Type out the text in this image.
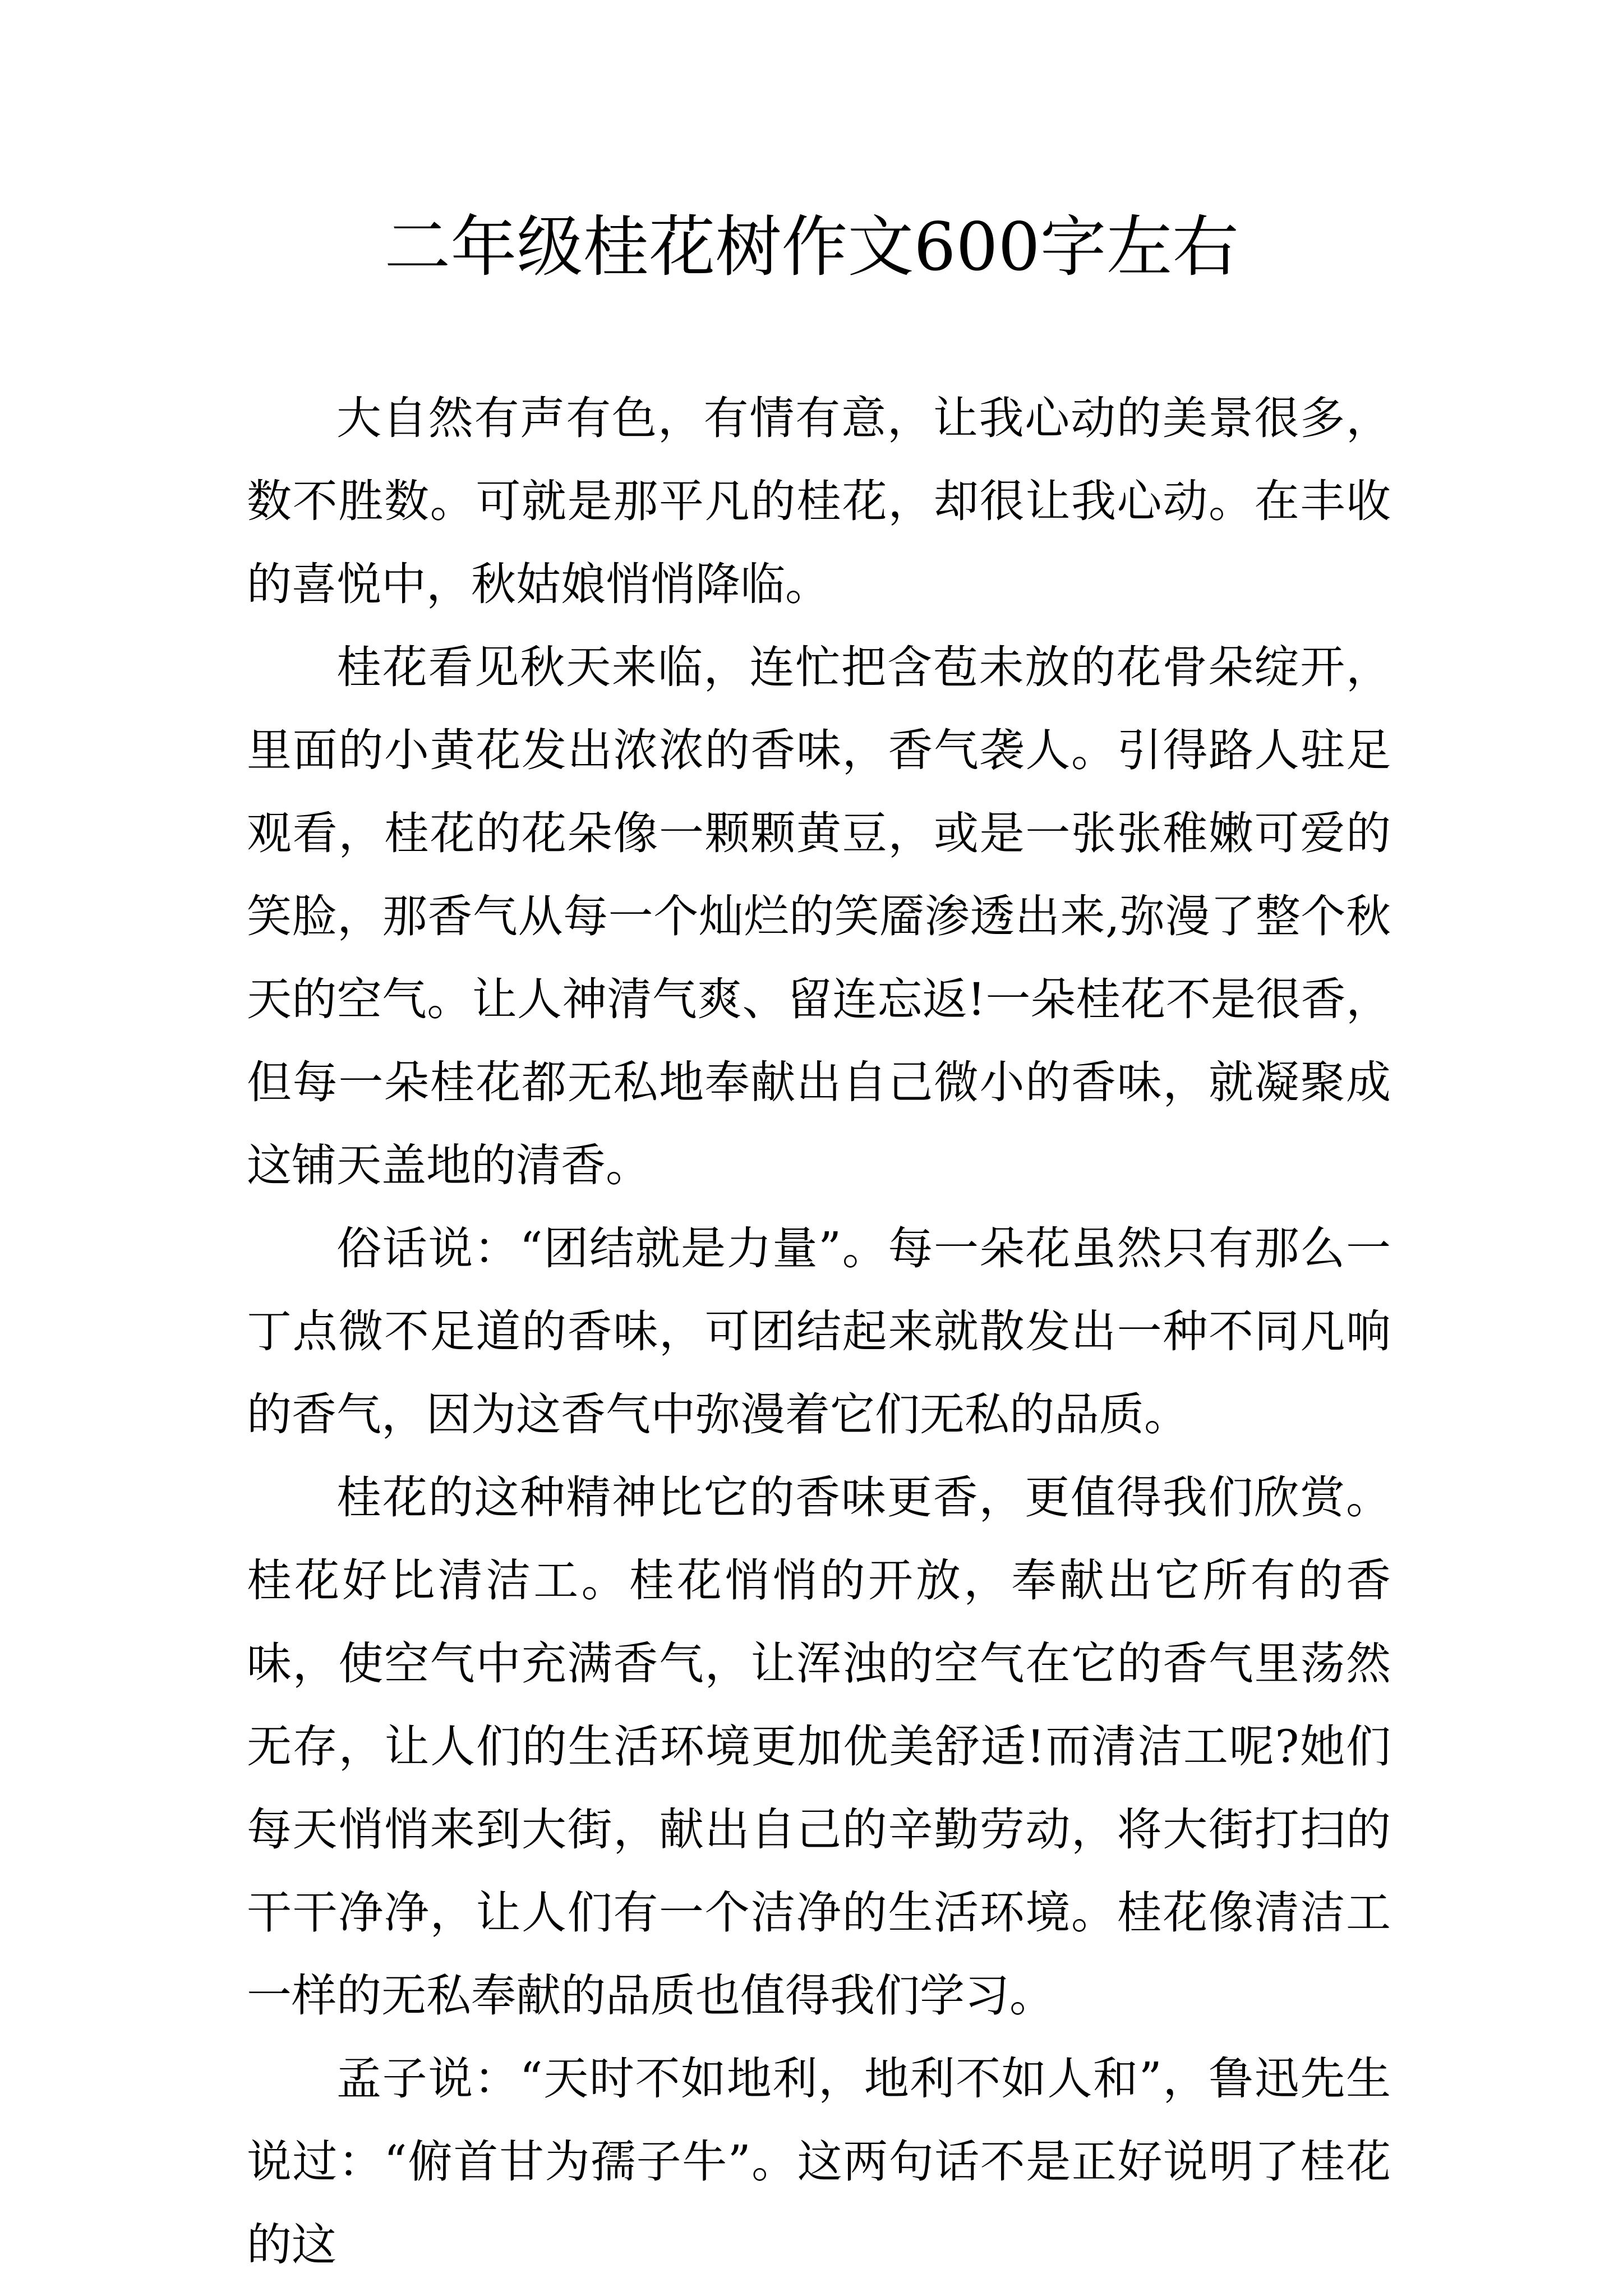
二年级桂花树作文600字左右

大自然有声有色，有情有意，让我心动的美景很多，数不胜数。可就是那平凡的桂花，却很让我心动。在丰收的喜悦中，秋姑娘悄悄降临。

桂花看见秋天来临，连忙把含苞未放的花骨朵绽开，里面的小黄花发出浓浓的香味，香气袭人。引得路人驻足观看，桂花的花朵像一颗颗黄豆，或是一张张稚嫩可爱的笑脸，那香气从每一个灿烂的笑靥渗透出来,弥漫了整个秋天的空气。让人神清气爽、留连忘返!一朵桂花不是很香，但每一朵桂花都无私地奉献出自己微小的香味，就凝聚成这铺天盖地的清香。

俗话说：“团结就是力量”。每一朵花虽然只有那么一丁点微不足道的香味，可团结起来就散发出一种不同凡响的香气，因为这香气中弥漫着它们无私的品质。

桂花的这种精神比它的香味更香，更值得我们欣赏。桂花好比清洁工。桂花悄悄的开放，奉献出它所有的香味，使空气中充满香气，让浑浊的空气在它的香气里荡然无存，让人们的生活环境更加优美舒适!而清洁工呢?她们每天悄悄来到大街，献出自己的辛勤劳动，将大街打扫的干干净净，让人们有一个洁净的生活环境。桂花像清洁工一样的无私奉献的品质也值得我们学习。

孟子说：“天时不如地利，地利不如人和”，鲁迅先生说过：“俯首甘为孺子牛”。这两句话不是正好说明了桂花的这
